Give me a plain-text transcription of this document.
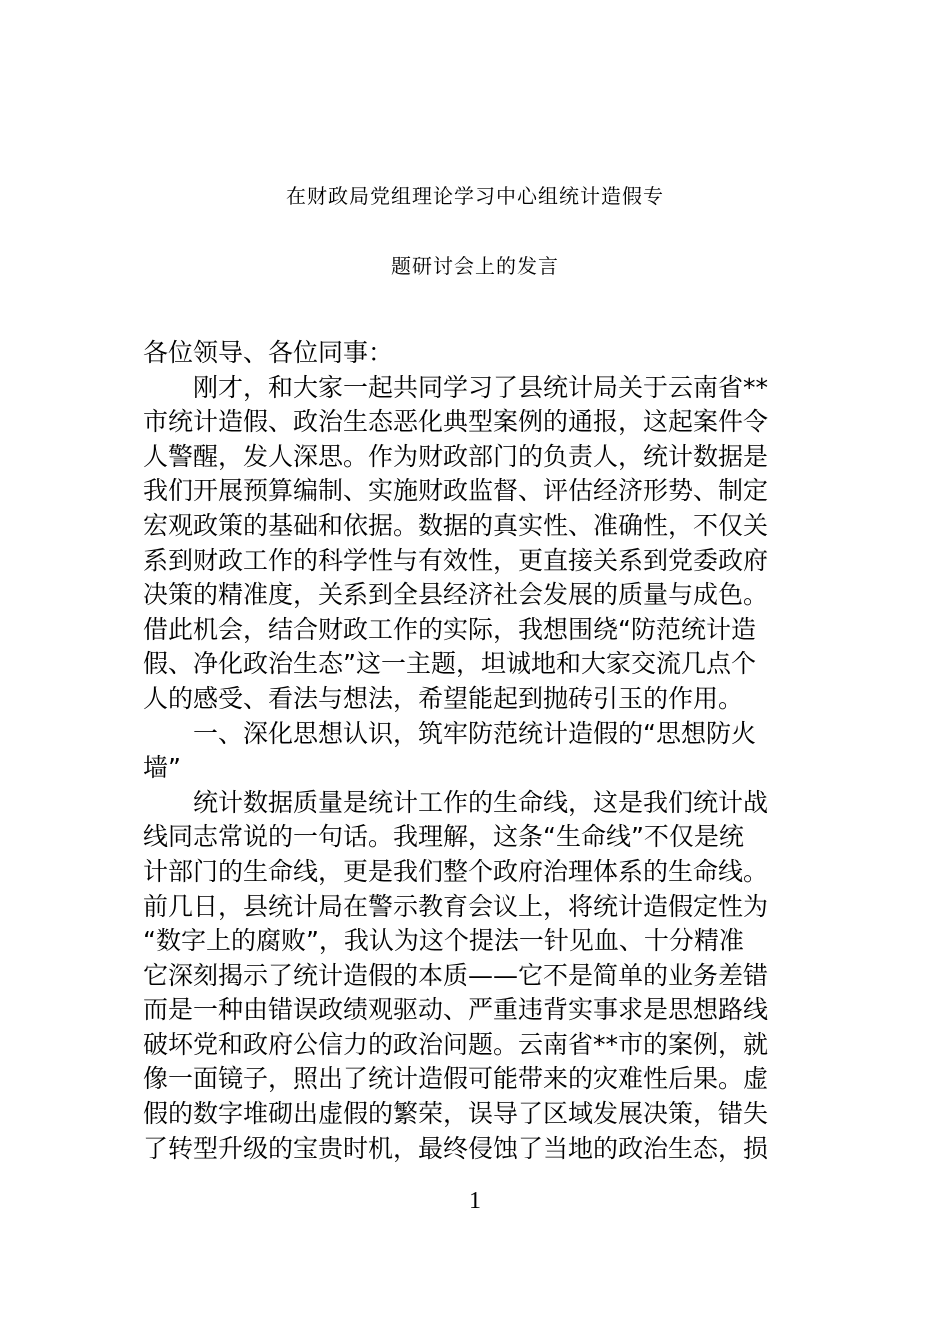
在财政局党组理论学习中心组统计造假专
题研讨会上的发言
各位领导、各位同事：
刚才，和大家一起共同学习了县统计局关于云南省**
市统计造假、政治生态恶化典型案例的通报，这起案件令
人警醒，发人深思。作为财政部门的负责人，统计数据是
我们开展预算编制、实施财政监督、评估经济形势、制定
宏观政策的基础和依据。数据的真实性、准确性，不仅关
系到财政工作的科学性与有效性，更直接关系到党委政府
决策的精准度，关系到全县经济社会发展的质量与成色。
借此机会，结合财政工作的实际，我想围绕“防范统计造
假、净化政治生态”这一主题，坦诚地和大家交流几点个
人的感受、看法与想法，希望能起到抛砖引玉的作用。
一、深化思想认识，筑牢防范统计造假的“思想防火
墙”
统计数据质量是统计工作的生命线，这是我们统计战
线同志常说的一句话。我理解，这条“生命线”不仅是统
计部门的生命线，更是我们整个政府治理体系的生命线。
前几日，县统计局在警示教育会议上，将统计造假定性为
“数字上的腐败”，我认为这个提法一针见血、十分精准
它深刻揭示了统计造假的本质——它不是简单的业务差错
而是一种由错误政绩观驱动、严重违背实事求是思想路线
破坏党和政府公信力的政治问题。云南省**市的案例，就
像一面镜子，照出了统计造假可能带来的灾难性后果。虚
假的数字堆砌出虚假的繁荣，误导了区域发展决策，错失
了转型升级的宝贵时机，最终侵蚀了当地的政治生态，损
1
